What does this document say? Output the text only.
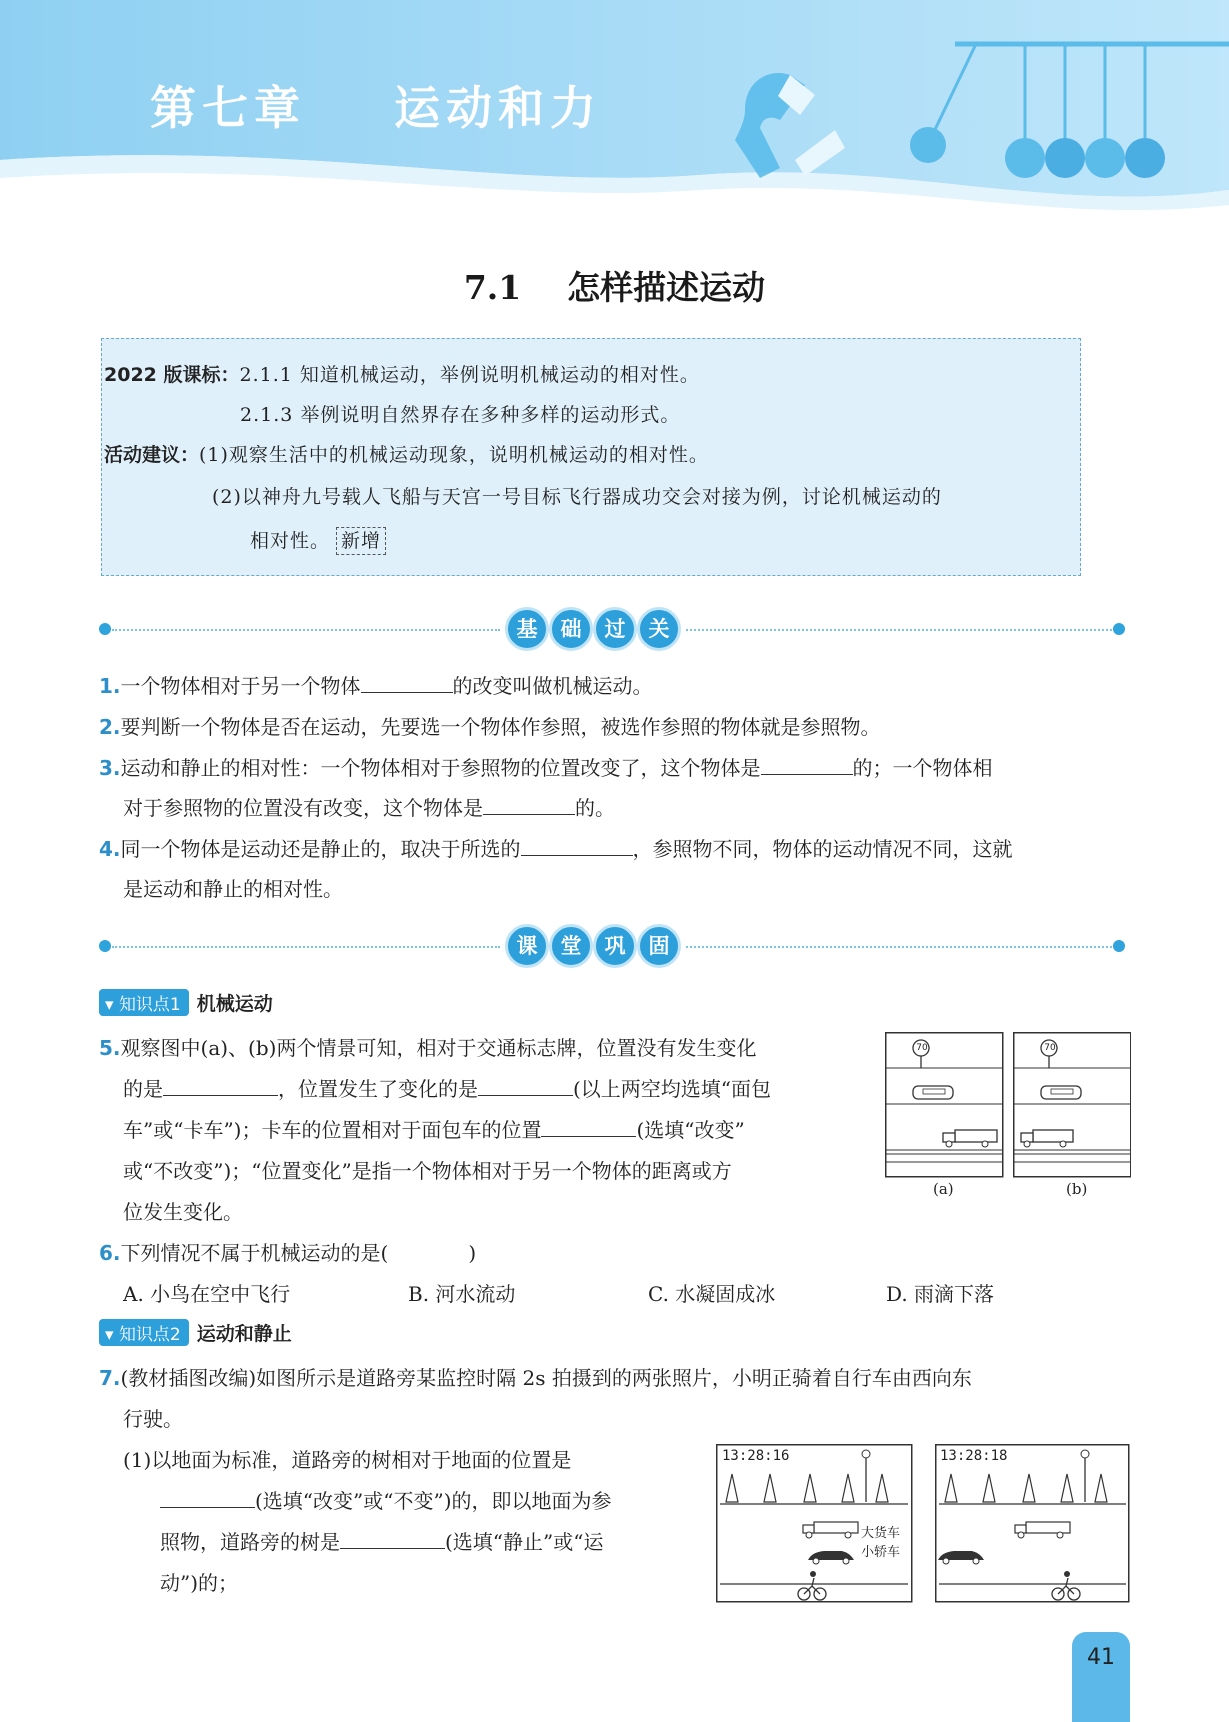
第七章    运动和力
7.1    怎样描述运动
2022 版课标：2.1.1 知道机械运动，举例说明机械运动的相对性。
2.1.3 举例说明自然界存在多种多样的运动形式。
活动建议：(1)观察生活中的机械运动现象，说明机械运动的相对性。
(2)以神舟九号载人飞船与天宫一号目标飞行器成功交会对接为例，讨论机械运动的
相对性。 新增
基	础	过	关
1.一个物体相对于另一个物体	的改变叫做机械运动。
2.要判断一个物体是否在运动，先要选一个物体作参照，被选作参照的物体就是参照物。
3.运动和静止的相对性：一个物体相对于参照物的位置改变了，这个物体是	的；一个物体相
对于参照物的位置没有改变，这个物体是	的。
4.同一个物体是运动还是静止的，取决于所选的	，参照物不同，物体的运动情况不同，这就
是运动和静止的相对性。
课	堂	巩	固
▾ 知识点1 机械运动
5.观察图中(a)、(b)两个情景可知，相对于交通标志牌，位置没有发生变化
的是	，位置发生了变化的是	(以上两空均选填“面包
车”或“卡车”)；卡车的位置相对于面包车的位置	(选填“改变”
或“不改变”)；“位置变化”是指一个物体相对于另一个物体的距离或方
位发生变化。
70	70
(a)	(b)
6.下列情况不属于机械运动的是(	)
A. 小鸟在空中飞行	B. 河水流动	C. 水凝固成冰	D. 雨滴下落
▾ 知识点2 运动和静止
7.(教材插图改编)如图所示是道路旁某监控时隔 2s 拍摄到的两张照片，小明正骑着自行车由西向东
行驶。
(1)以地面为标准，道路旁的树相对于地面的位置是
(选填“改变”或“不变”)的，即以地面为参
照物，道路旁的树是	(选填“静止”或“运
动”)的；
13:28:16	13:28:18
大货车
小轿车
41
